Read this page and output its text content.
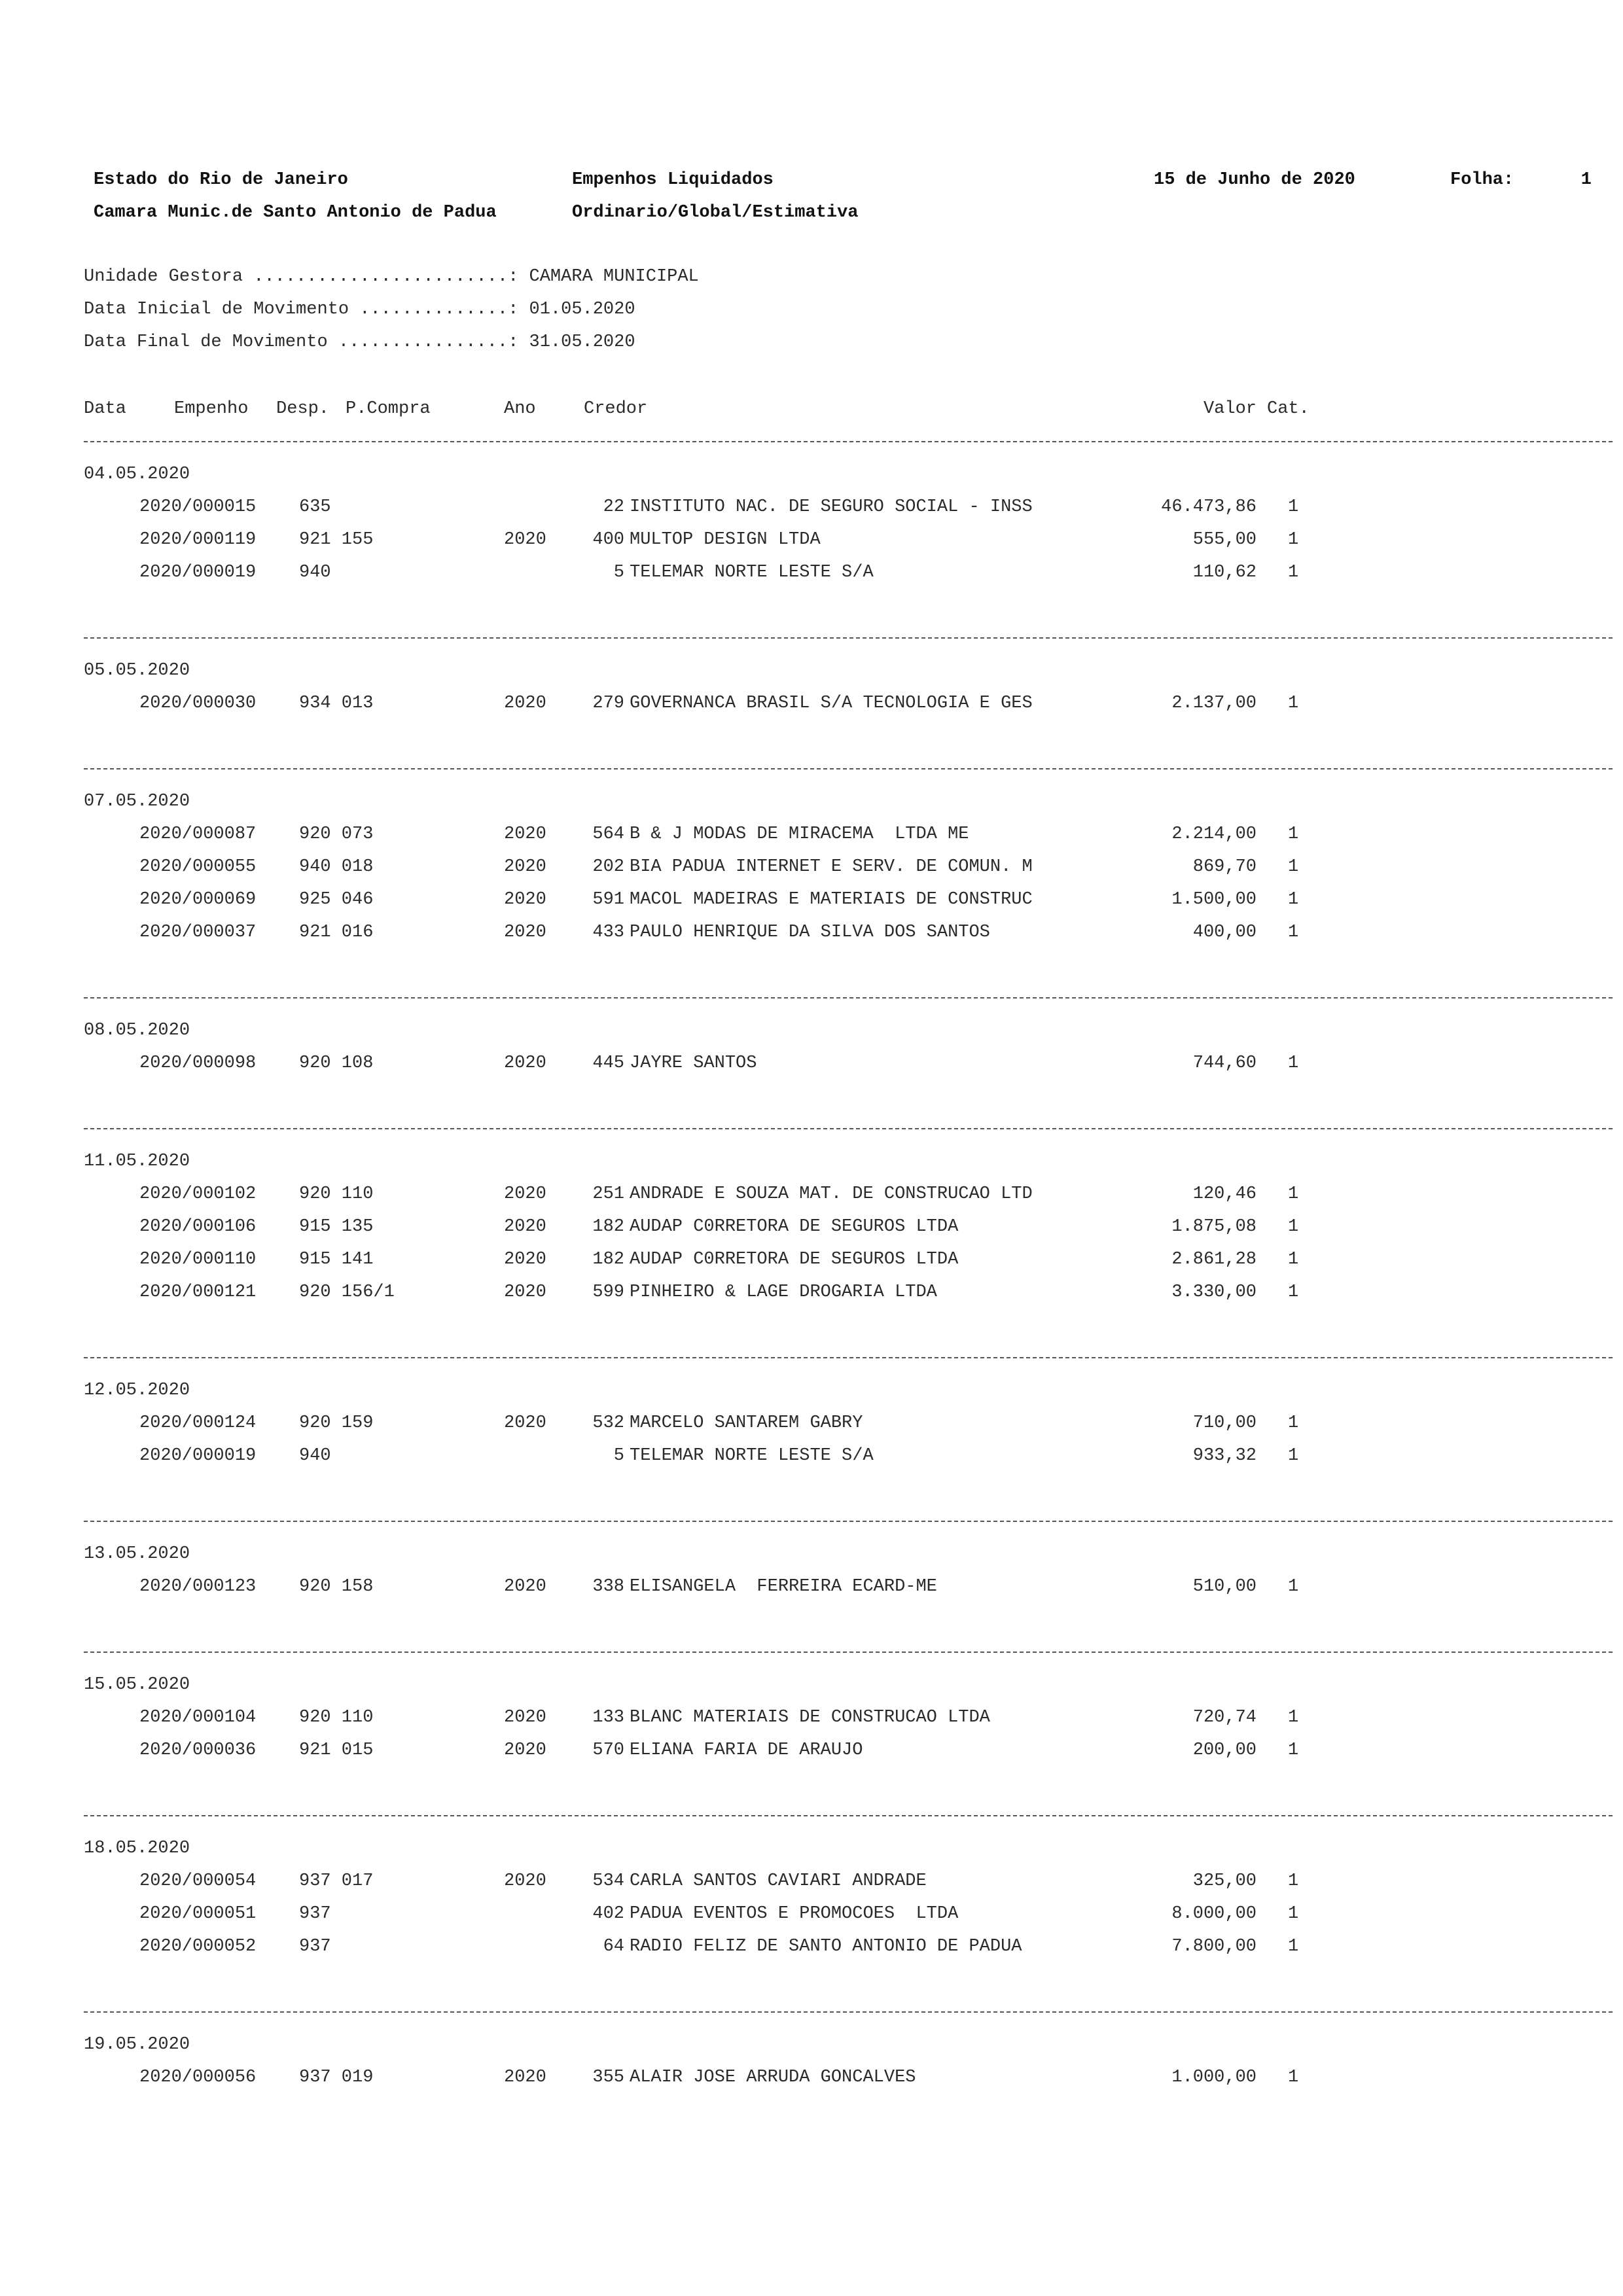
Estado do Rio de Janeiro
Camara Munic.de Santo Antonio de Padua
Empenhos Liquidados
Ordinario/Global/Estimativa
15 de Junho de 2020	Folha:	1
Unidade Gestora ........................: CAMARA MUNICIPAL
Data Inicial de Movimento ..............: 01.05.2020
Data Final de Movimento ................: 31.05.2020
Data	Empenho Desp. P.Compra	Ano	Credor	Valor Cat.
04.05.2020
2020/000015 635	22 INSTITUTO NAC. DE SEGURO SOCIAL - INSS	46.473,86 1
2020/000119 921 155	2020	400 MULTOP DESIGN LTDA	555,00 1
2020/000019 940	5 TELEMAR NORTE LESTE S/A	110,62 1
05.05.2020
2020/000030 934 013	2020	279 GOVERNANCA BRASIL S/A TECNOLOGIA E GES	2.137,00 1
07.05.2020
2020/000087 920 073	2020	564 B & J MODAS DE MIRACEMA  LTDA ME	2.214,00 1
2020/000055 940 018	2020	202 BIA PADUA INTERNET E SERV. DE COMUN. M	869,70 1
2020/000069 925 046	2020	591 MACOL MADEIRAS E MATERIAIS DE CONSTRUC	1.500,00 1
2020/000037 921 016	2020	433 PAULO HENRIQUE DA SILVA DOS SANTOS	400,00 1
08.05.2020
2020/000098 920 108	2020	445 JAYRE SANTOS	744,60 1
11.05.2020
2020/000102 920 110	2020	251 ANDRADE E SOUZA MAT. DE CONSTRUCAO LTD	120,46 1
2020/000106 915 135	2020	182 AUDAP C0RRETORA DE SEGUROS LTDA	1.875,08 1
2020/000110 915 141	2020	182 AUDAP C0RRETORA DE SEGUROS LTDA	2.861,28 1
2020/000121 920 156/1	2020	599 PINHEIRO & LAGE DROGARIA LTDA	3.330,00 1
12.05.2020
2020/000124 920 159	2020	532 MARCELO SANTAREM GABRY	710,00 1
2020/000019 940	5 TELEMAR NORTE LESTE S/A	933,32 1
13.05.2020
2020/000123 920 158	2020	338 ELISANGELA  FERREIRA ECARD-ME	510,00 1
15.05.2020
2020/000104 920 110	2020	133 BLANC MATERIAIS DE CONSTRUCAO LTDA	720,74 1
2020/000036 921 015	2020	570 ELIANA FARIA DE ARAUJO	200,00 1
18.05.2020
2020/000054 937 017	2020	534 CARLA SANTOS CAVIARI ANDRADE	325,00 1
2020/000051 937	402 PADUA EVENTOS E PROMOCOES  LTDA	8.000,00 1
2020/000052 937	64 RADIO FELIZ DE SANTO ANTONIO DE PADUA	7.800,00 1
19.05.2020
2020/000056 937 019	2020	355 ALAIR JOSE ARRUDA GONCALVES	1.000,00 1
